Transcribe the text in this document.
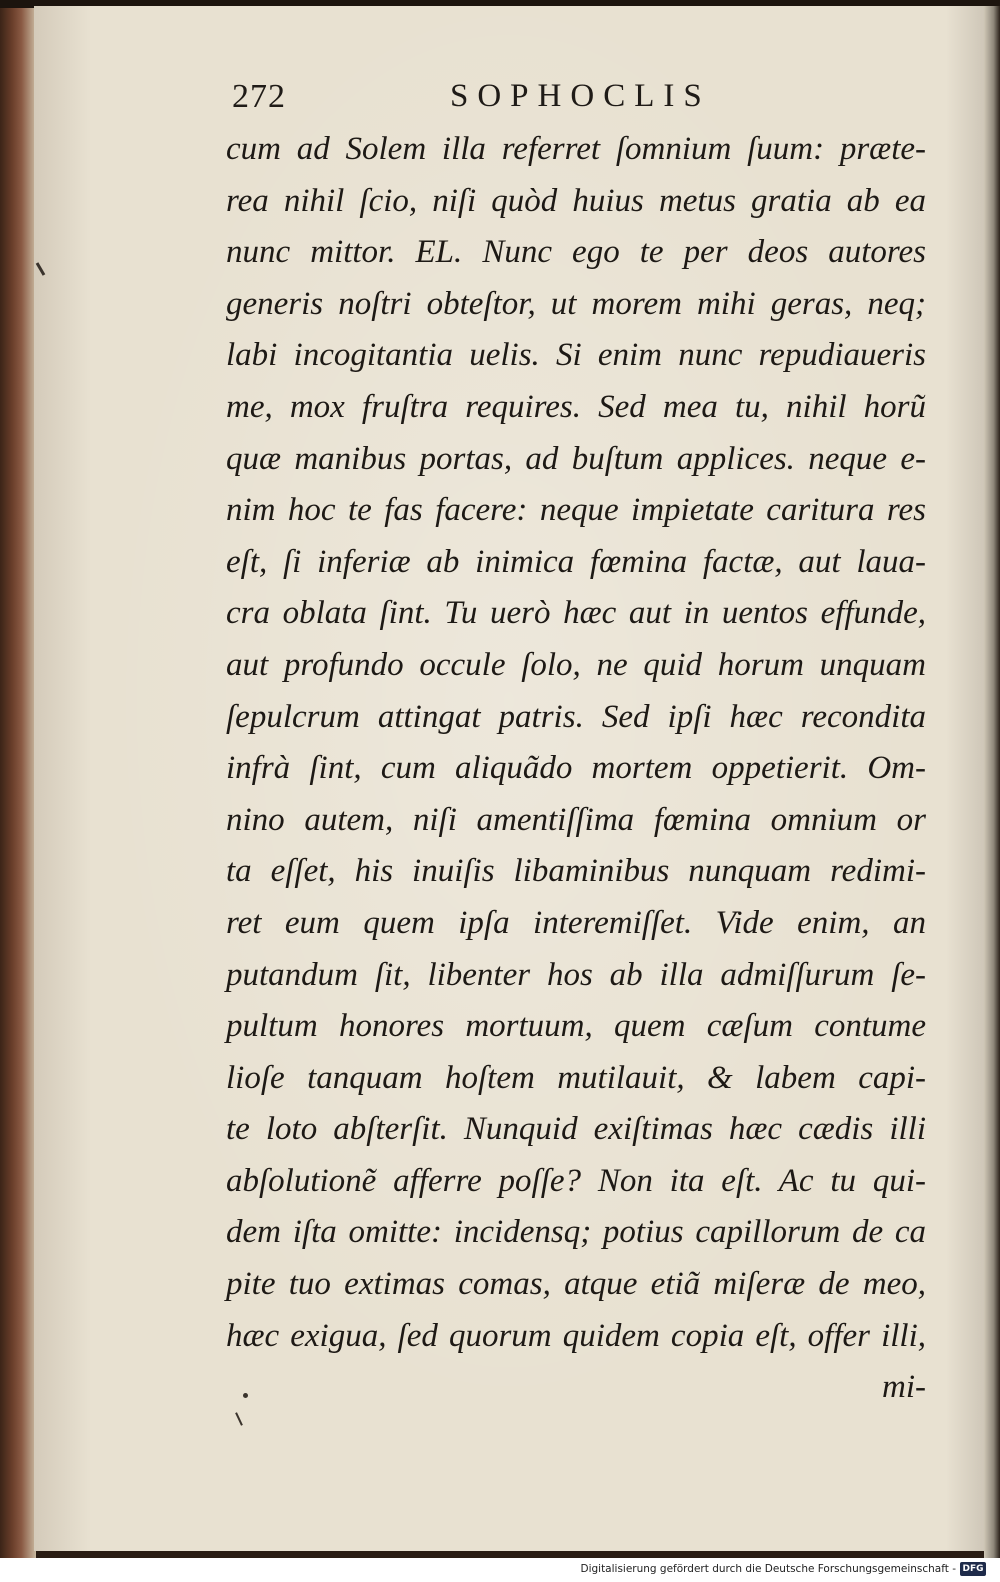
272	SOPHOCLIS
cum ad Solem illa referret ſomnium ſuum: præte-
rea nihil ſcio, niſi quòd huius metus gratia ab ea
nunc mittor. EL. Nunc ego te per deos autores
generis noſtri obteſtor, ut morem mihi geras, neq;
labi incogitantia uelis. Si enim nunc repudiaueris
me, mox fruſtra requires. Sed mea tu, nihil horũ
quæ manibus portas, ad buſtum applices. neque e-
nim hoc te fas facere: neque impietate caritura res
eſt, ſi inferiæ ab inimica fœmina factæ, aut laua-
cra oblata ſint. Tu uerò hæc aut in uentos effunde,
aut profundo occule ſolo, ne quid horum unquam
ſepulcrum attingat patris. Sed ipſi hæc recondita
infrà ſint, cum aliquãdo mortem oppetierit. Om-
nino autem, niſi amentiſſima fœmina omnium or
ta eſſet, his inuiſis libaminibus nunquam redimi-
ret eum quem ipſa interemiſſet. Vide enim, an
putandum ſit, libenter hos ab illa admiſſurum ſe-
pultum honores mortuum, quem cæſum contume
lioſe tanquam hoſtem mutilauit, & labem capi-
te loto abſterſit. Nunquid exiſtimas hæc cædis illi
abſolutionẽ afferre poſſe? Non ita eſt. Ac tu qui-
dem iſta omitte: incidensq; potius capillorum de ca
pite tuo extimas comas, atque etiã miſeræ de meo,
hæc exigua, ſed quorum quidem copia eſt, offer illi,
mi-
Digitalisierung gefördert durch die Deutsche Forschungsgemeinschaft - DFG
